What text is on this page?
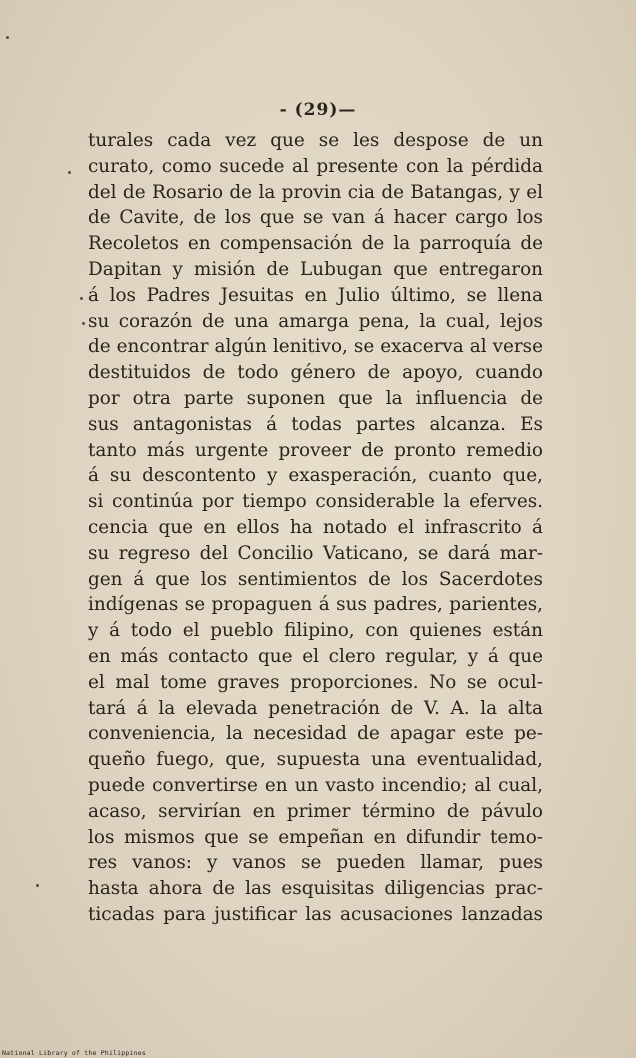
- (29)—
turales cada vez que se les despose de un
curato, como sucede al presente con la pérdida
del de Rosario de la provin cia de Batangas, y el
de Cavite, de los que se van á hacer cargo los
Recoletos en compensación de la parroquía de
Dapitan y misión de Lubugan que entregaron
á los Padres Jesuitas en Julio último, se llena
su corazón de una amarga pena, la cual, lejos
de encontrar algún lenitivo, se exacerva al verse
destituidos de todo género de apoyo, cuando
por otra parte suponen que la influencia de
sus antagonistas á todas partes alcanza. Es
tanto más urgente proveer de pronto remedio
á su descontento y exasperación, cuanto que,
si continúa por tiempo considerable la eferves.
cencia que en ellos ha notado el infrascrito á
su regreso del Concilio Vaticano, se dará mar-
gen á que los sentimientos de los Sacerdotes
indígenas se propaguen á sus padres, parientes,
y á todo el pueblo filipino, con quienes están
en más contacto que el clero regular, y á que
el mal tome graves proporciones. No se ocul-
tará á la elevada penetración de V. A. la alta
conveniencia, la necesidad de apagar este pe-
queño fuego, que, supuesta una eventualidad,
puede convertirse en un vasto incendio; al cual,
acaso, servirían en primer término de pávulo
los mismos que se empeñan en difundir temo-
res vanos: y vanos se pueden llamar, pues
hasta ahora de las esquisitas diligencias prac-
ticadas para justificar las acusaciones lanzadas
National Library of the Philippines
